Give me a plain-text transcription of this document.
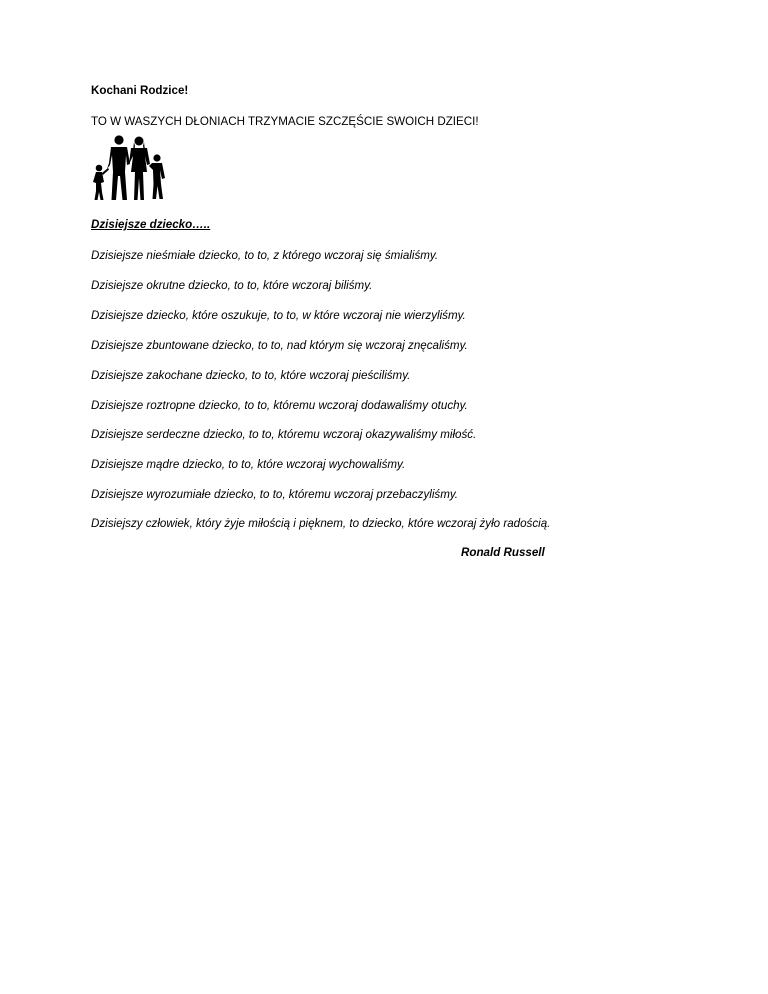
Kochani Rodzice!
TO W WASZYCH DŁONIACH TRZYMACIE SZCZĘŚCIE SWOICH DZIECI!
Dzisiejsze dziecko…..
Dzisiejsze nieśmiałe dziecko, to to, z którego wczoraj się śmialiśmy.
Dzisiejsze okrutne dziecko, to to, które wczoraj biliśmy.
Dzisiejsze dziecko, które oszukuje, to to, w które wczoraj nie wierzyliśmy.
Dzisiejsze zbuntowane dziecko, to to, nad którym się wczoraj znęcaliśmy.
Dzisiejsze zakochane dziecko, to to, które wczoraj pieściliśmy.
Dzisiejsze roztropne dziecko, to to, któremu wczoraj dodawaliśmy otuchy.
Dzisiejsze serdeczne dziecko, to to, któremu wczoraj okazywaliśmy miłość.
Dzisiejsze mądre dziecko, to to, które wczoraj wychowaliśmy.
Dzisiejsze wyrozumiałe dziecko, to to, któremu wczoraj przebaczyliśmy.
Dzisiejszy człowiek, który żyje miłością i pięknem, to dziecko, które wczoraj żyło radością.
Ronald Russell
